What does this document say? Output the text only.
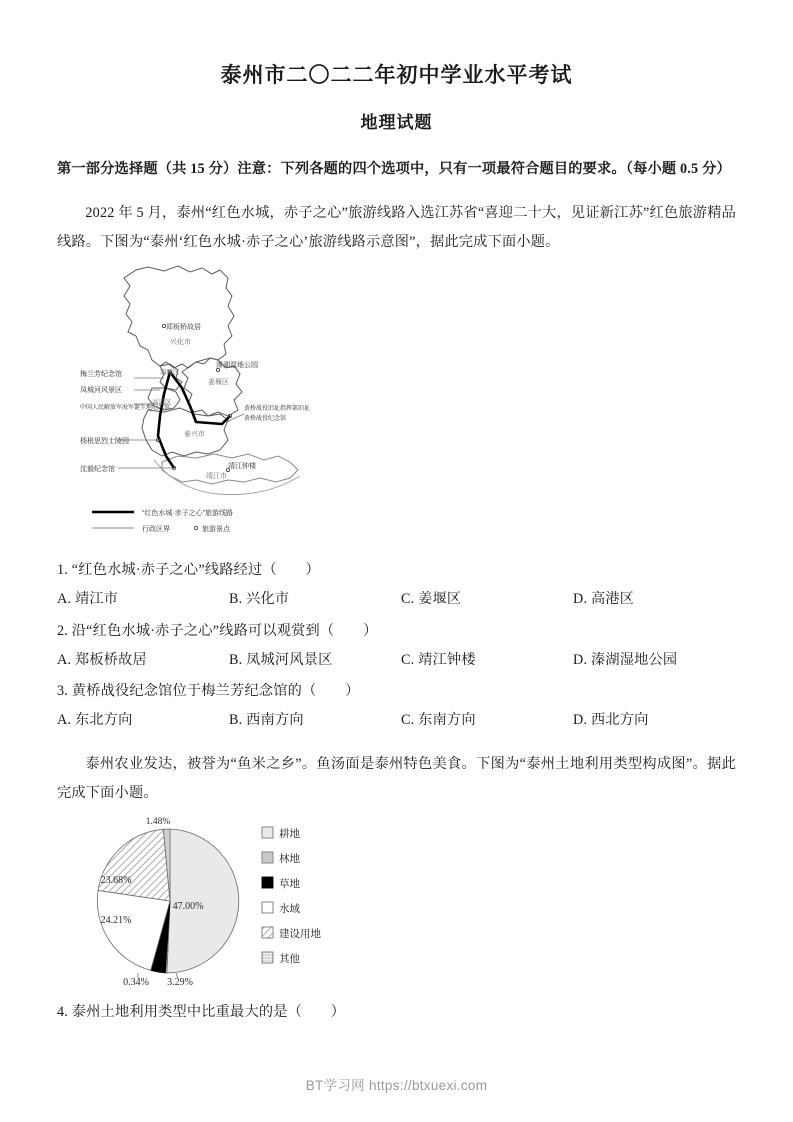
泰州市二〇二二年初中学业水平考试
地理试题
第一部分选择题（共 15 分）注意：下列各题的四个选项中，只有一项最符合题目的要求。（每小题 0.5 分）
2022 年 5 月，泰州“红色水城，赤子之心”旅游线路入选江苏省“喜迎二十大，见证新江苏”红色旅游精品线路。下图为“泰州‘红色水城·赤子之心’旅游线路示意图”，据此完成下面小题。
郑板桥故居
溱湖湿地公园
梅兰芳纪念馆
凤城河风景区
中国人民解放军海军诞生地纪念馆
杨根思烈士陵园
沈毅纪念馆
黄桥战役旧址指挥部旧址
黄桥战役纪念馆
靖江钟楼
兴化市
姜堰区
海陵区
高港区
泰兴市
靖江市
“红色水城·赤子之心”旅游线路
行政区界	旅游景点
1. “红色水城·赤子之心”线路经过（　　）
A. 靖江市	B. 兴化市	C. 姜堰区	D. 高港区
2. 沿“红色水城·赤子之心”线路可以观赏到（　　）
A. 郑板桥故居	B. 凤城河风景区	C. 靖江钟楼	D. 溱湖湿地公园
3. 黄桥战役纪念馆位于梅兰芳纪念馆的（　　）
A. 东北方向	B. 西南方向	C. 东南方向	D. 西北方向
泰州农业发达，被誉为“鱼米之乡”。鱼汤面是泰州特色美食。下图为“泰州土地利用类型构成图”。据此完成下面小题。
1.48%
47.00%
23.68%
24.21%
0.34% 3.29%
耕地
林地
草地
水域
建设用地
其他
4. 泰州土地利用类型中比重最大的是（　　）
BT学习网 https://btxuexi.com
